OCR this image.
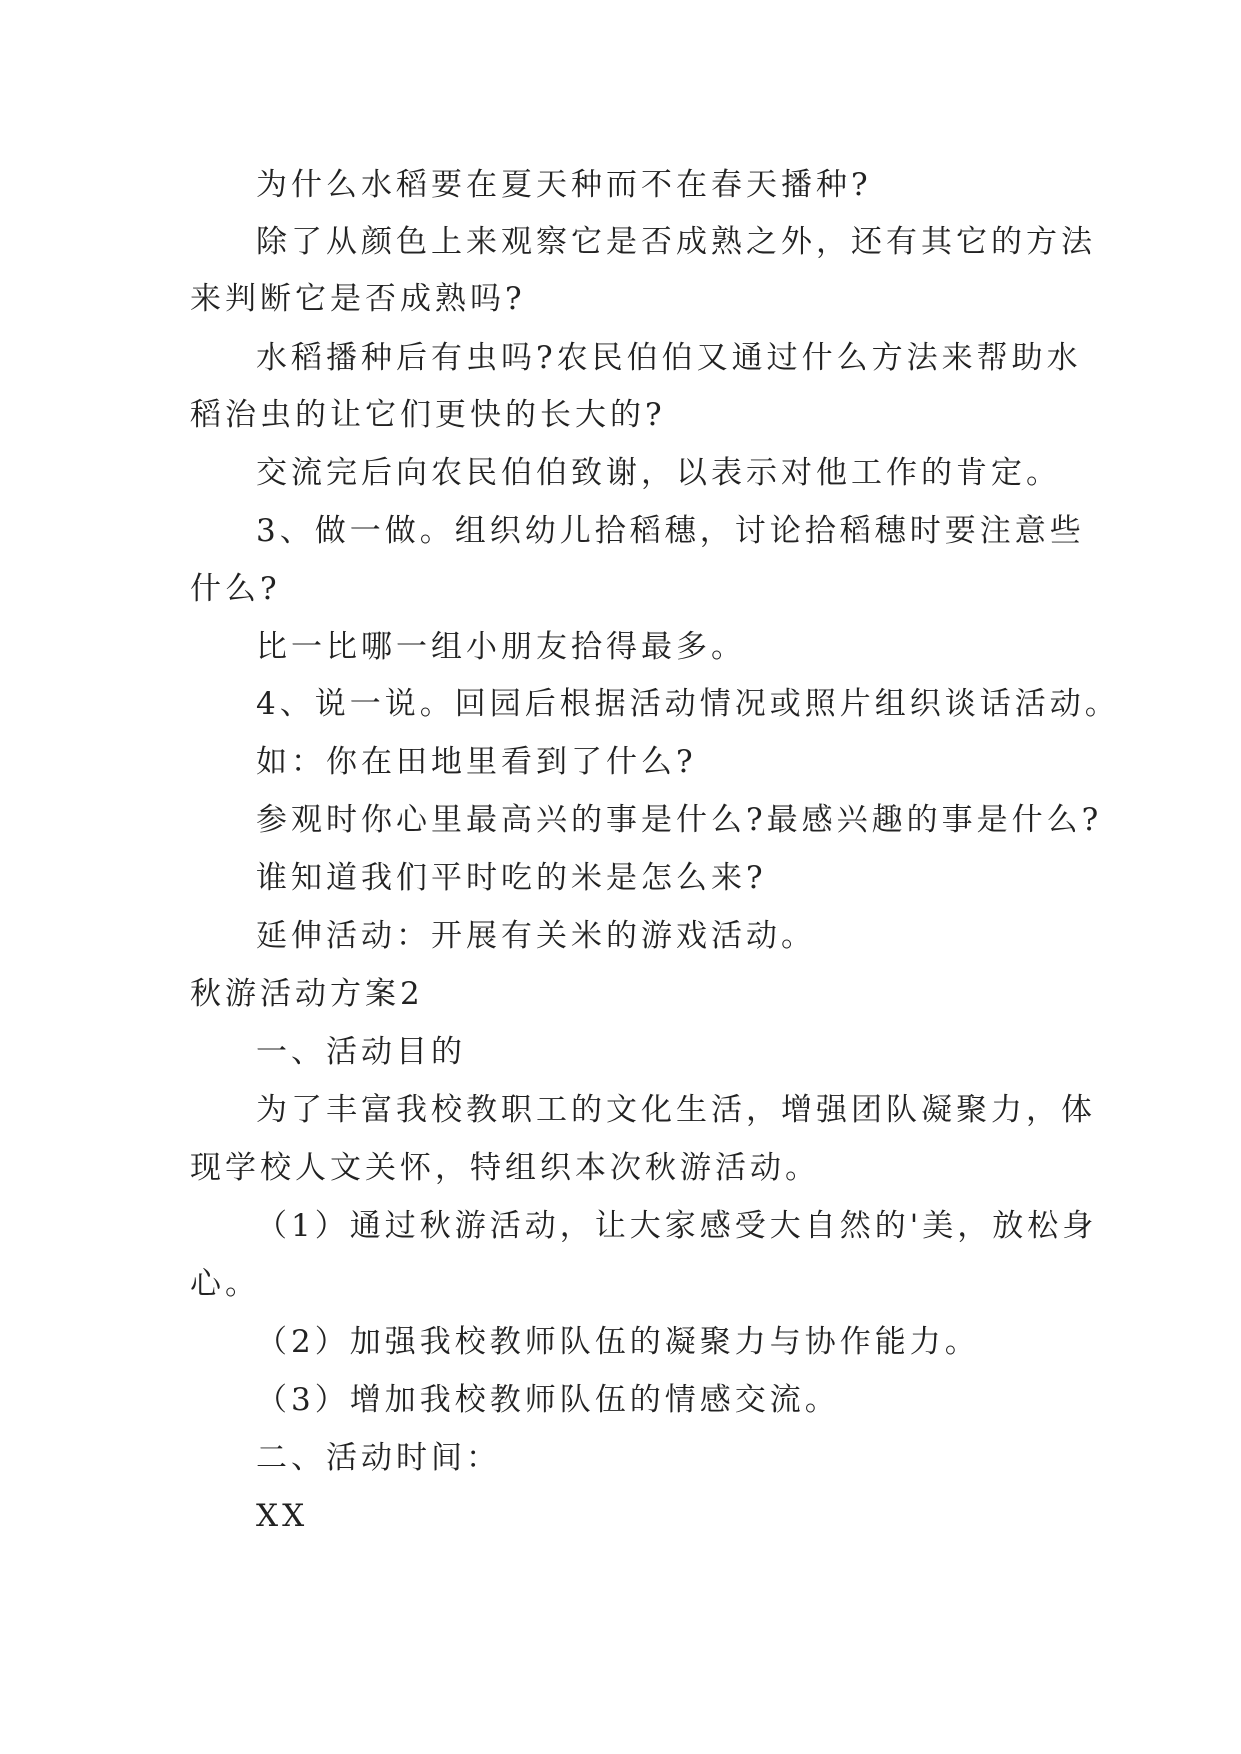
为什么水稻要在夏天种而不在春天播种?

除了从颜色上来观察它是否成熟之外，还有其它的方法

来判断它是否成熟吗?

水稻播种后有虫吗?农民伯伯又通过什么方法来帮助水

稻治虫的让它们更快的长大的?

交流完后向农民伯伯致谢，以表示对他工作的肯定。

3、做一做。组织幼儿拾稻穗，讨论拾稻穗时要注意些

什么?

比一比哪一组小朋友拾得最多。

4、说一说。回园后根据活动情况或照片组织谈话活动。

如：你在田地里看到了什么?

参观时你心里最高兴的事是什么?最感兴趣的事是什么?

谁知道我们平时吃的米是怎么来?

延伸活动：开展有关米的游戏活动。

秋游活动方案2

一、活动目的

为了丰富我校教职工的文化生活，增强团队凝聚力，体

现学校人文关怀，特组织本次秋游活动。

（1）通过秋游活动，让大家感受大自然的'美，放松身

心。

（2）加强我校教师队伍的凝聚力与协作能力。

（3）增加我校教师队伍的情感交流。

二、活动时间：

XX
